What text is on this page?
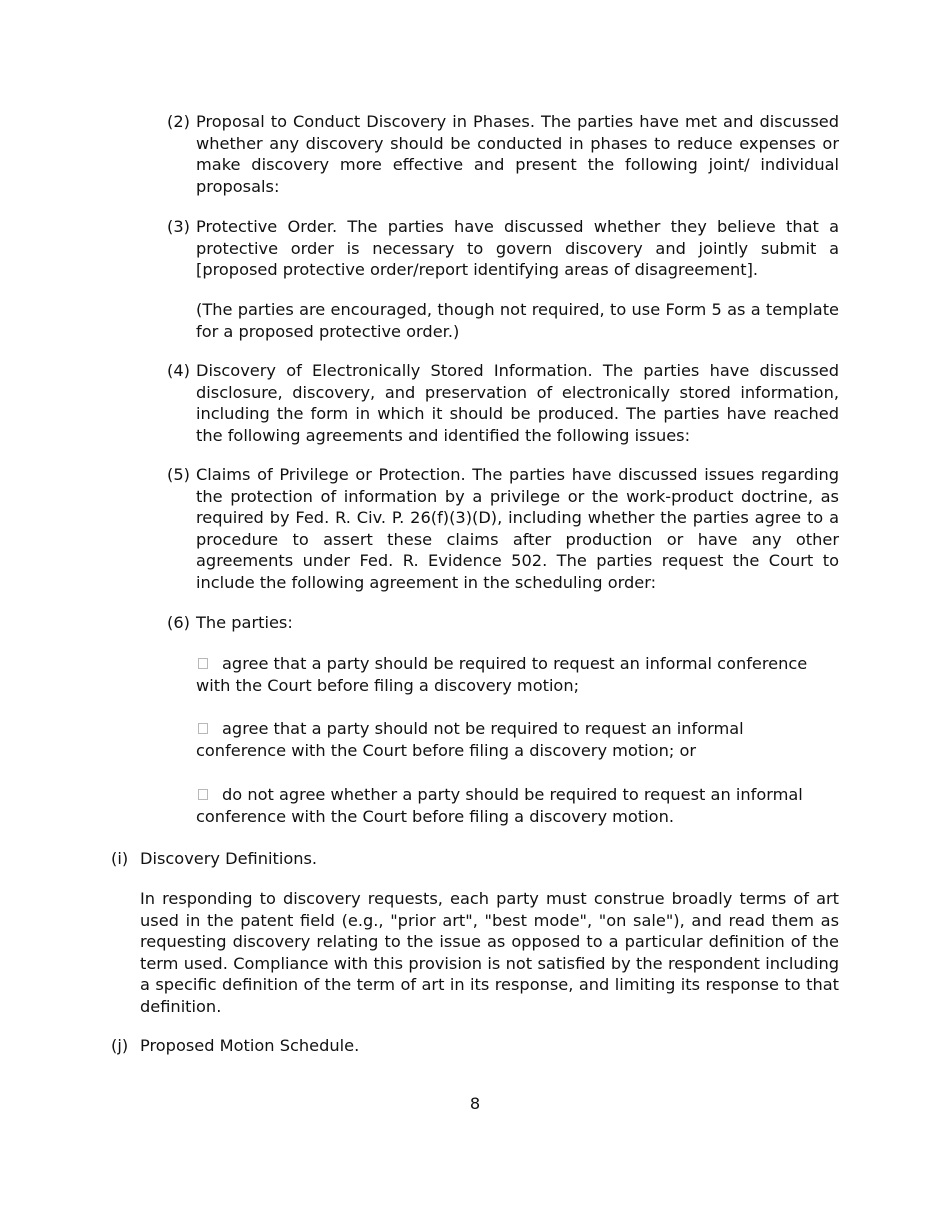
(2) Proposal to Conduct Discovery in Phases. The parties have met and discussed whether any discovery should be conducted in phases to reduce expenses or make discovery more effective and present the following joint/ individual proposals:
(3) Protective Order. The parties have discussed whether they believe that a protective order is necessary to govern discovery and jointly submit a [proposed protective order/report identifying areas of disagreement].
(The parties are encouraged, though not required, to use Form 5 as a template for a proposed protective order.)
(4) Discovery of Electronically Stored Information. The parties have discussed disclosure, discovery, and preservation of electronically stored information, including the form in which it should be produced. The parties have reached the following agreements and identified the following issues:
(5) Claims of Privilege or Protection. The parties have discussed issues regarding the protection of information by a privilege or the work-product doctrine, as required by Fed. R. Civ. P. 26(f)(3)(D), including whether the parties agree to a procedure to assert these claims after production or have any other agreements under Fed. R. Evidence 502. The parties request the Court to include the following agreement in the scheduling order:
(6) The parties:
agree that a party should be required to request an informal conference with the Court before filing a discovery motion;
agree that a party should not be required to request an informal conference with the Court before filing a discovery motion; or
do not agree whether a party should be required to request an informal conference with the Court before filing a discovery motion.
(i) Discovery Definitions.
In responding to discovery requests, each party must construe broadly terms of art used in the patent field (e.g., "prior art", "best mode", "on sale"), and read them as requesting discovery relating to the issue as opposed to a particular definition of the term used. Compliance with this provision is not satisfied by the respondent including a specific definition of the term of art in its response, and limiting its response to that definition.
(j) Proposed Motion Schedule.
8
